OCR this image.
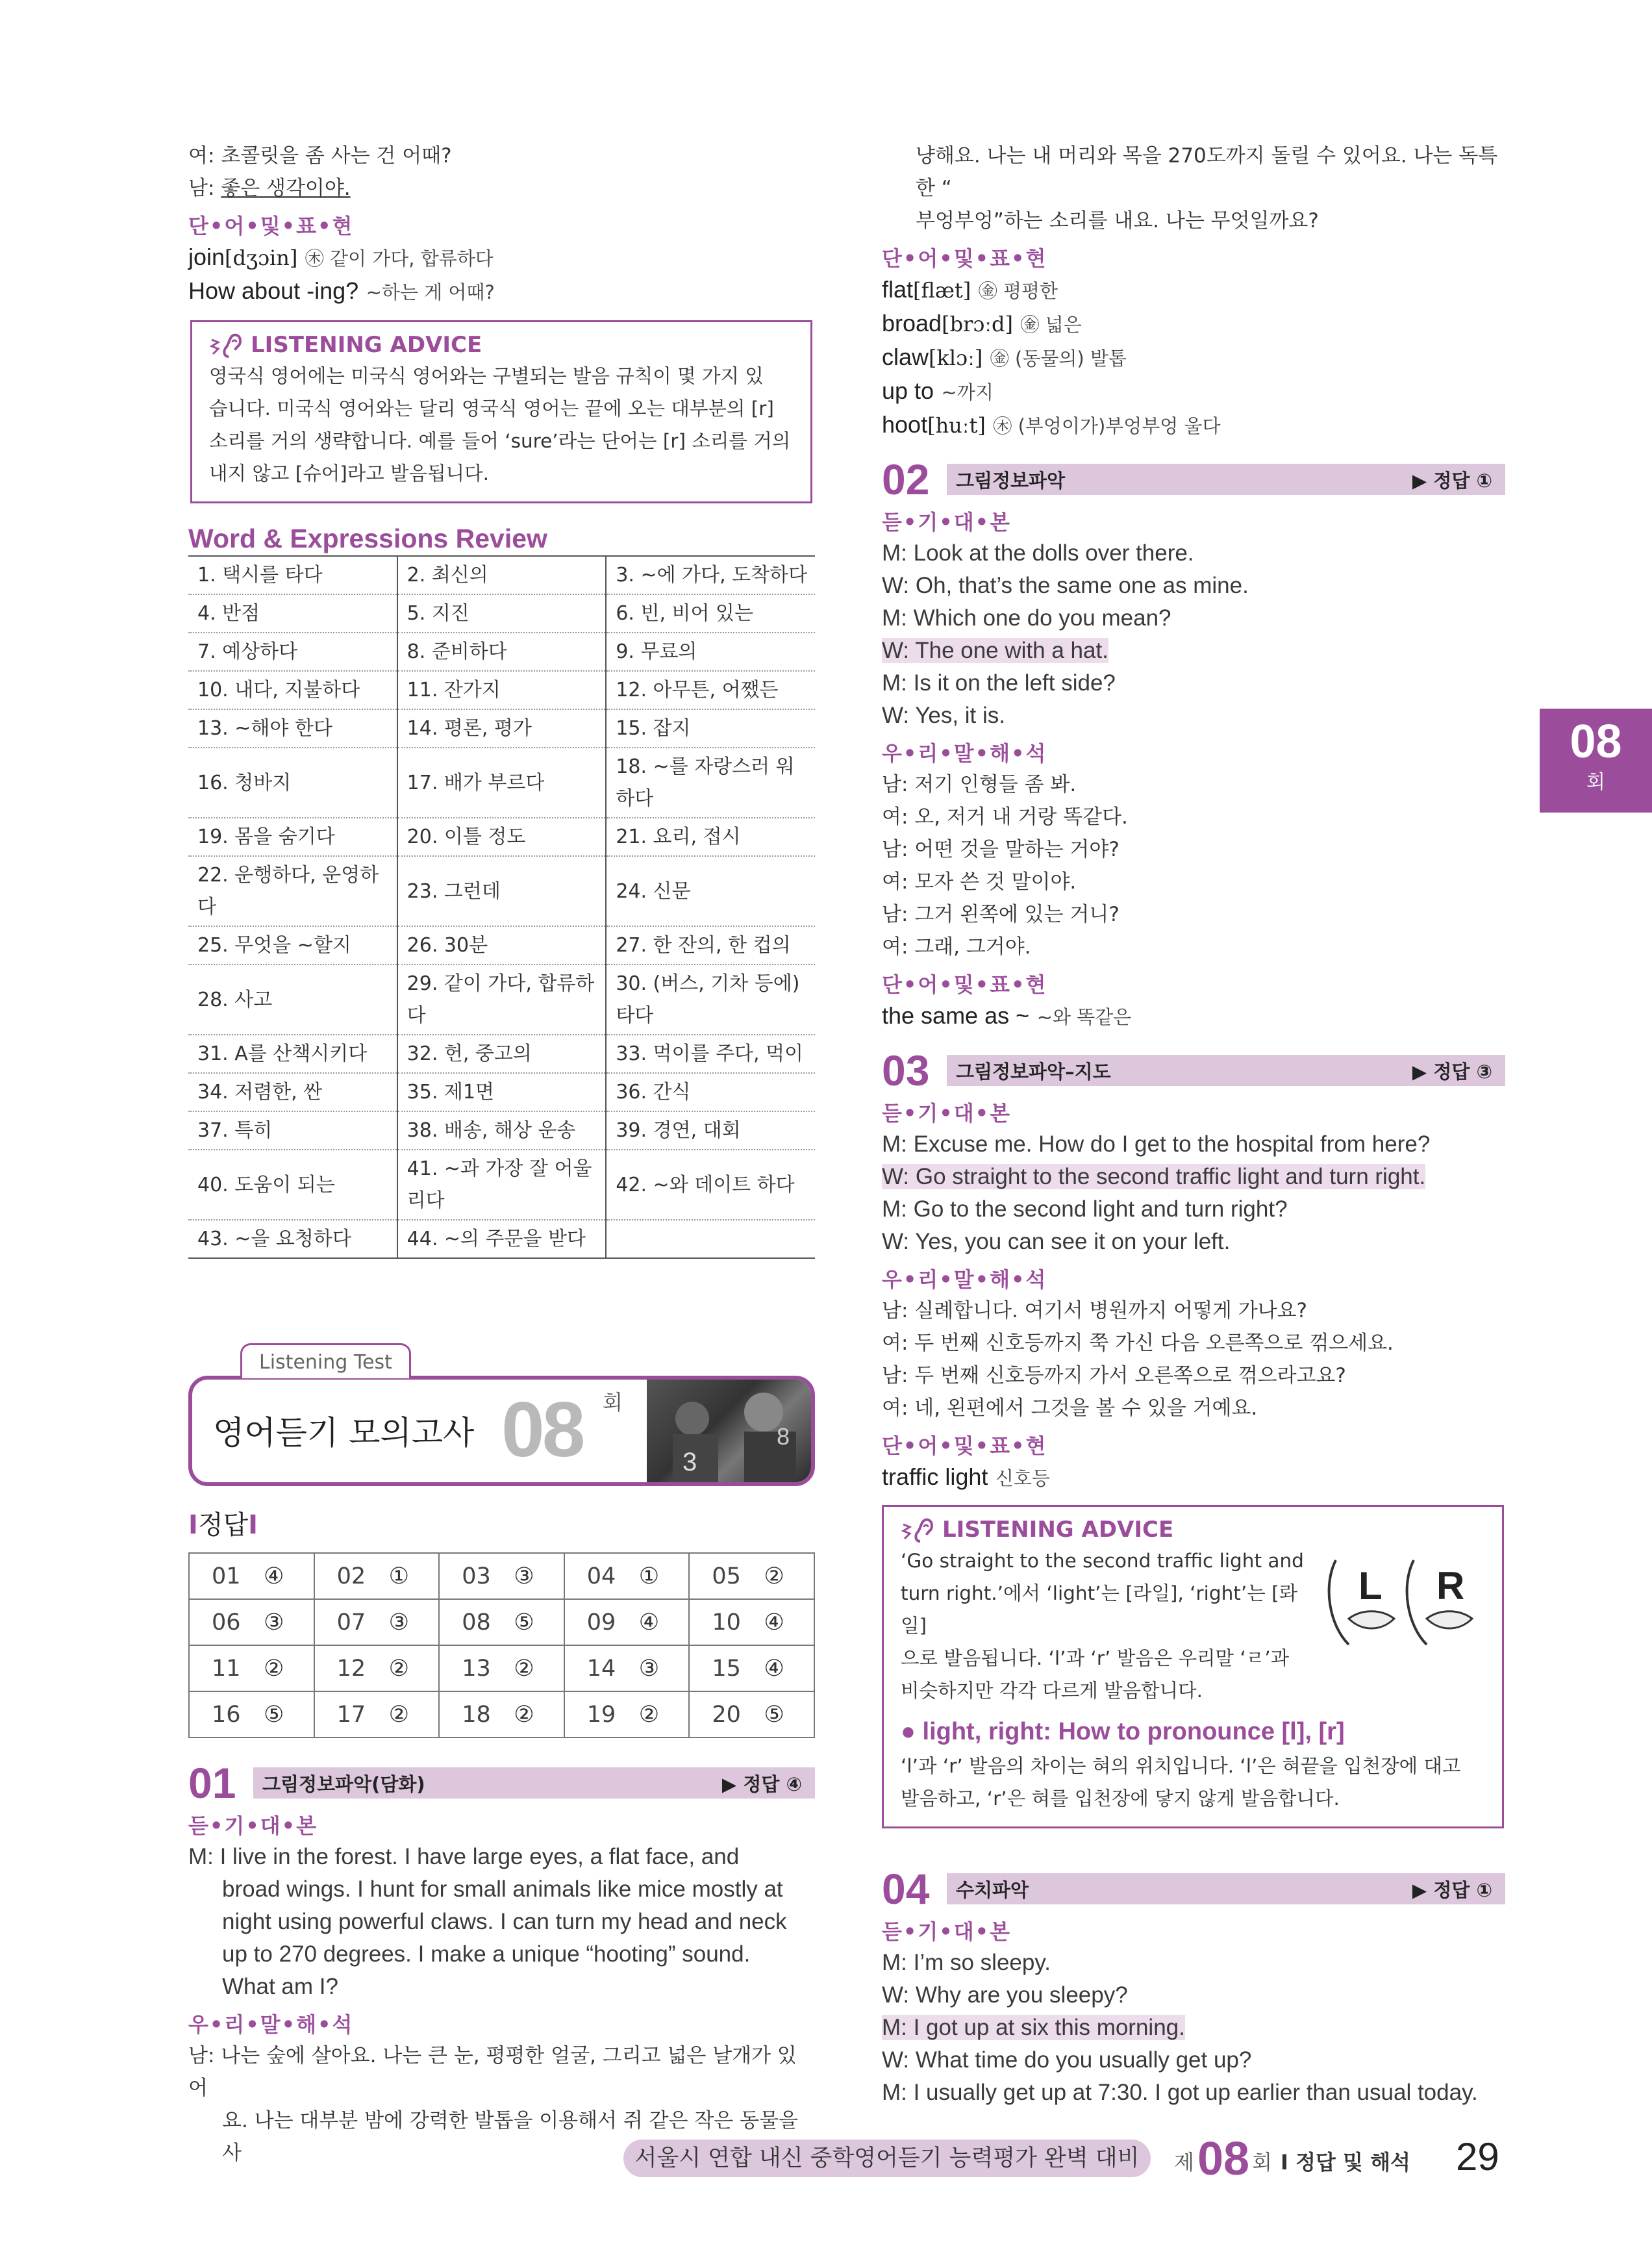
여: 초콜릿을 좀 사는 건 어때?
남: 좋은 생각이야.
단•어•및•표•현
join[dʒɔin] ㊍ 같이 가다, 합류하다
How about -ing? ~하는 게 어때?
LISTENING ADVICE
영국식 영어에는 미국식 영어와는 구별되는 발음 규칙이 몇 가지 있
습니다. 미국식 영어와는 달리 영국식 영어는 끝에 오는 대부분의 [r]
소리를 거의 생략합니다. 예를 들어 ‘sure’라는 단어는 [r] 소리를 거의
내지 않고 [슈어]라고 발음됩니다.
Word & Expressions Review
1. 택시를 타다	2. 최신의	3. ~에 가다, 도착하다
4. 반점	5. 지진	6. 빈, 비어 있는
7. 예상하다	8. 준비하다	9. 무료의
10. 내다, 지불하다	11. 잔가지	12. 아무튼, 어쨌든
13. ~해야 한다	14. 평론, 평가	15. 잡지
16. 청바지	17. 배가 부르다	18. ~를 자랑스러 워하다
19. 몸을 숨기다	20. 이틀 정도	21. 요리, 접시
22. 운행하다, 운영하다	23. 그런데	24. 신문
25. 무엇을 ~할지	26. 30분	27. 한 잔의, 한 컵의
28. 사고	29. 같이 가다, 합류하다	30. (버스, 기차 등에) 타다
31. A를 산책시키다	32. 헌, 중고의	33. 먹이를 주다, 먹이
34. 저렴한, 싼	35. 제1면	36. 간식
37. 특히	38. 배송, 해상 운송	39. 경연, 대회
40. 도움이 되는	41. ~과 가장 잘 어울리다	42. ~와 데이트 하다
43. ~을 요청하다	44. ~의 주문을 받다	
Listening Test
영어듣기 모의고사 08 회
3
8
I정답I
01 ④	02 ①	03 ③	04 ①	05 ②
06 ③	07 ③	08 ⑤	09 ④	10 ④
11 ②	12 ②	13 ②	14 ③	15 ④
16 ⑤	17 ②	18 ②	19 ②	20 ⑤
01	그림정보파악(담화)	▶ 정답 ④
듣•기•대•본
M: I live in the forest. I have large eyes, a flat face, and
broad wings. I hunt for small animals like mice mostly at
night using powerful claws. I can turn my head and neck
up to 270 degrees. I make a unique “hooting” sound.
What am I?
우•리•말•해•석
남: 나는 숲에 살아요. 나는 큰 눈, 평평한 얼굴, 그리고 넓은 날개가 있어
요. 나는 대부분 밤에 강력한 발톱을 이용해서 쥐 같은 작은 동물을 사
냥해요. 나는 내 머리와 목을 270도까지 돌릴 수 있어요. 나는 독특한 “
부엉부엉”하는 소리를 내요. 나는 무엇일까요?
단•어•및•표•현
flat[flæt] ㊎ 평평한
broad[brɔːd] ㊎ 넓은
claw[klɔː] ㊎ (동물의) 발톱
up to ~까지
hoot[huːt] ㊍ (부엉이가)부엉부엉 울다
02	그림정보파악	▶ 정답 ①
듣•기•대•본
M: Look at the dolls over there.
W: Oh, that’s the same one as mine.
M: Which one do you mean?
W: The one with a hat.
M: Is it on the left side?
W: Yes, it is.
우•리•말•해•석
남: 저기 인형들 좀 봐.
여: 오, 저거 내 거랑 똑같다.
남: 어떤 것을 말하는 거야?
여: 모자 쓴 것 말이야.
남: 그거 왼쪽에 있는 거니?
여: 그래, 그거야.
단•어•및•표•현
the same as ~ ~와 똑같은
03	그림정보파악–지도	▶ 정답 ③
듣•기•대•본
M: Excuse me. How do I get to the hospital from here?
W: Go straight to the second traffic light and turn right.
M: Go to the second light and turn right?
W: Yes, you can see it on your left.
우•리•말•해•석
남: 실례합니다. 여기서 병원까지 어떻게 가나요?
여: 두 번째 신호등까지 쭉 가신 다음 오른쪽으로 꺾으세요.
남: 두 번째 신호등까지 가서 오른쪽으로 꺾으라고요?
여: 네, 왼편에서 그것을 볼 수 있을 거예요.
단•어•및•표•현
traffic light 신호등
LISTENING ADVICE
L R
‘Go straight to the second traffic light and
turn right.’에서 ‘light’는 [라일], ‘right’는 [롸일]
으로 발음됩니다. ‘l’과 ‘r’ 발음은 우리말 ‘ㄹ’과
비슷하지만 각각 다르게 발음합니다.
● light, right: How to pronounce [l], [r]
‘l’과 ‘r’ 발음의 차이는 혀의 위치입니다. ‘l’은 혀끝을 입천장에 대고
발음하고, ‘r’은 혀를 입천장에 닿지 않게 발음합니다.
04	수치파악	▶ 정답 ①
듣•기•대•본
M: I’m so sleepy.
W: Why are you sleepy?
M: I got up at six this morning.
W: What time do you usually get up?
M: I usually get up at 7:30. I got up earlier than usual today.
08
회
서울시 연합 내신 중학영어듣기 능력평가 완벽 대비	제 08 회 I 정답 및 해석 29
